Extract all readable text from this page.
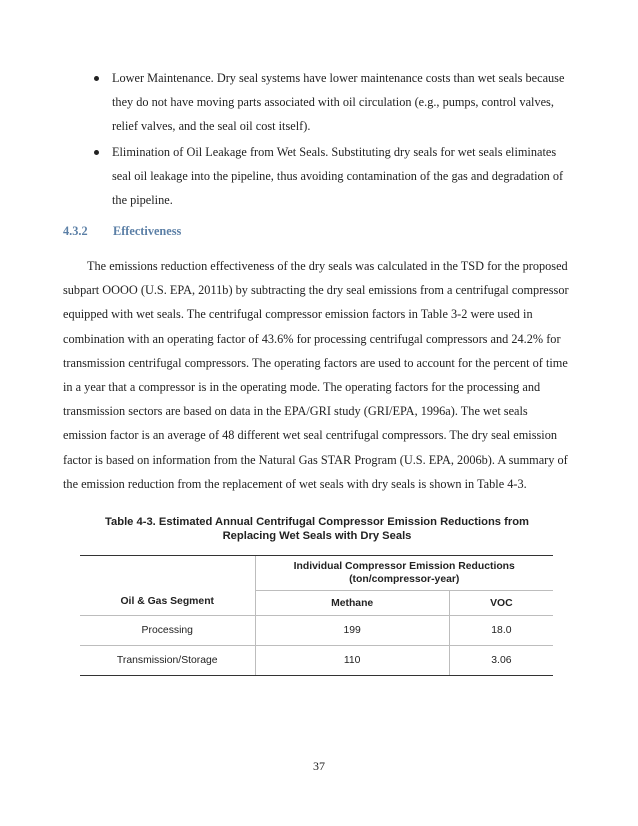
Lower Maintenance. Dry seal systems have lower maintenance costs than wet seals because they do not have moving parts associated with oil circulation (e.g., pumps, control valves, relief valves, and the seal oil cost itself).
Elimination of Oil Leakage from Wet Seals. Substituting dry seals for wet seals eliminates seal oil leakage into the pipeline, thus avoiding contamination of the gas and degradation of the pipeline.
4.3.2 Effectiveness

The emissions reduction effectiveness of the dry seals was calculated in the TSD for the proposed subpart OOOO (U.S. EPA, 2011b) by subtracting the dry seal emissions from a centrifugal compressor equipped with wet seals. The centrifugal compressor emission factors in Table 3-2 were used in combination with an operating factor of 43.6% for processing centrifugal compressors and 24.2% for transmission centrifugal compressors. The operating factors are used to account for the percent of time in a year that a compressor is in the operating mode. The operating factors for the processing and transmission sectors are based on data in the EPA/GRI study (GRI/EPA, 1996a). The wet seals emission factor is an average of 48 different wet seal centrifugal compressors. The dry seal emission factor is based on information from the Natural Gas STAR Program (U.S. EPA, 2006b). A summary of the emission reduction from the replacement of wet seals with dry seals is shown in Table 4-3.

Table 4-3. Estimated Annual Centrifugal Compressor Emission Reductions from
Replacing Wet Seals with Dry Seals
Oil & Gas Segment	Individual Compressor Emission Reductions
(ton/compressor-year)	

	Methane	VOC
Processing	199	18.0
Transmission/Storage	110	3.06

37
